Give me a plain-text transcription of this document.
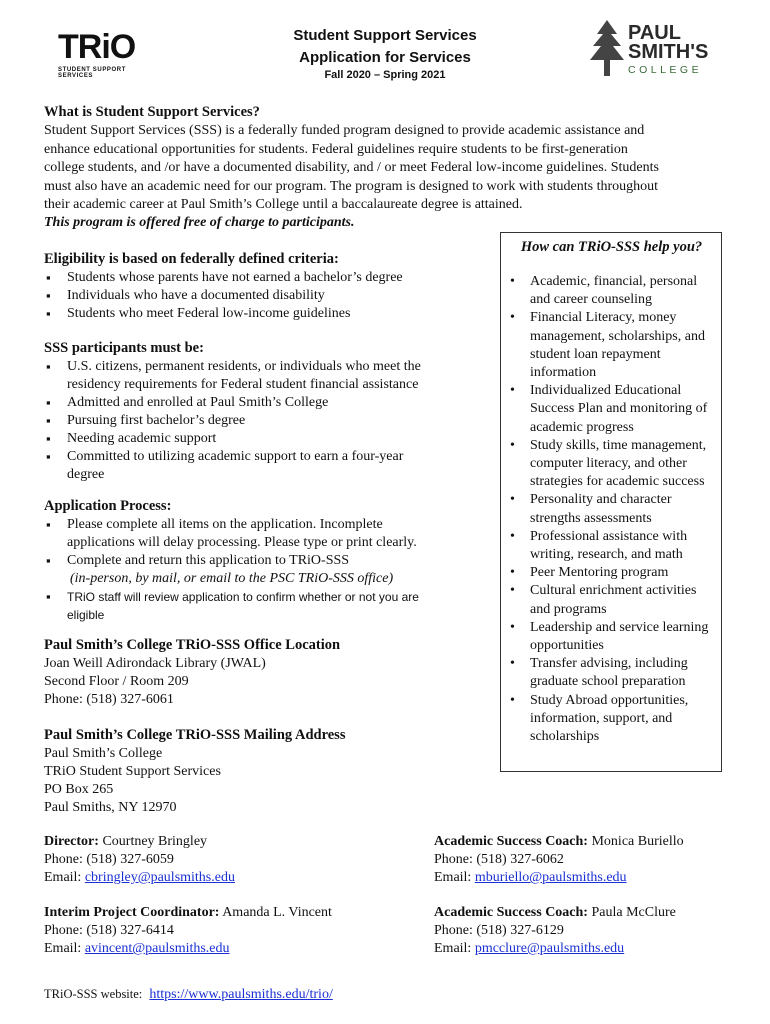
Student Support Services
Application for Services
Fall 2020 – Spring 2021
TRiO
STUDENT SUPPORT SERVICES
PAUL
SMITH'S
COLLEGE
What is Student Support Services?
Student Support Services (SSS) is a federally funded program designed to provide academic assistance and
enhance educational opportunities for students. Federal guidelines require students to be first-generation
college students, and /or have a documented disability, and / or meet Federal low-income guidelines. Students
must also have an academic need for our program. The program is designed to work with students throughout
their academic career at Paul Smith’s College until a baccalaureate degree is attained.
This program is offered free of charge to participants.
Eligibility is based on federally defined criteria:
▪ Students whose parents have not earned a bachelor’s degree
▪ Individuals who have a documented disability
▪ Students who meet Federal low-income guidelines
SSS participants must be:
▪ U.S. citizens, permanent residents, or individuals who meet the residency requirements for Federal student financial assistance
▪ Admitted and enrolled at Paul Smith’s College
▪ Pursuing first bachelor’s degree
▪ Needing academic support
▪ Committed to utilizing academic support to earn a four-year degree
Application Process:
▪ Please complete all items on the application. Incomplete applications will delay processing. Please type or print clearly.
▪ Complete and return this application to TRiO-SSS
(in-person, by mail, or email to the PSC TRiO-SSS office)
▪ TRiO staff will review application to confirm whether or not you are eligible
Paul Smith’s College TRiO-SSS Office Location
Joan Weill Adirondack Library (JWAL)
Second Floor / Room 209
Phone: (518) 327-6061
Paul Smith’s College TRiO-SSS Mailing Address
Paul Smith’s College
TRiO Student Support Services
PO Box 265
Paul Smiths, NY 12970
How can TRiO-SSS help you?
• Academic, financial, personal and career counseling
• Financial Literacy, money management, scholarships, and student loan repayment information
• Individualized Educational Success Plan and monitoring of academic progress
• Study skills, time management, computer literacy, and other strategies for academic success
• Personality and character strengths assessments
• Professional assistance with writing, research, and math
• Peer Mentoring program
• Cultural enrichment activities and programs
• Leadership and service learning opportunities
• Transfer advising, including graduate school preparation
• Study Abroad opportunities, information, support, and scholarships
Director: Courtney Bringley
Phone: (518) 327-6059
Email: cbringley@paulsmiths.edu
Academic Success Coach: Monica Buriello
Phone: (518) 327-6062
Email: mburiello@paulsmiths.edu
Interim Project Coordinator: Amanda L. Vincent
Phone: (518) 327-6414
Email: avincent@paulsmiths.edu
Academic Success Coach: Paula McClure
Phone: (518) 327-6129
Email: pmcclure@paulsmiths.edu
TRiO-SSS website: https://www.paulsmiths.edu/trio/
